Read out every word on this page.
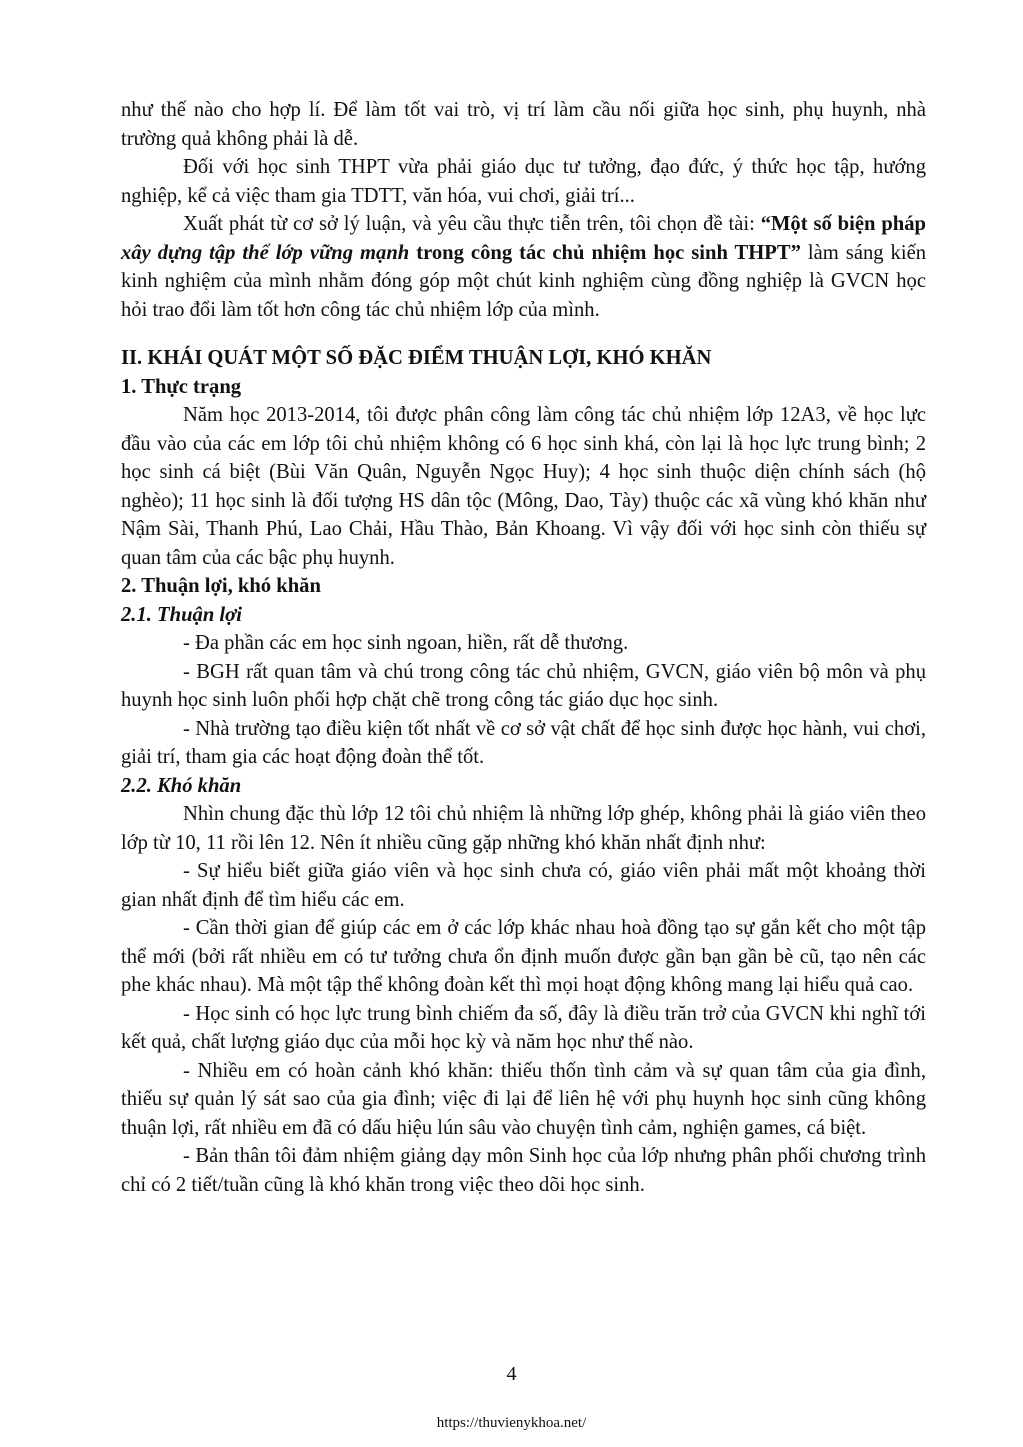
như thế nào cho hợp lí. Để làm tốt vai trò, vị trí làm cầu nối giữa học sinh, phụ huynh, nhà trường quả không phải là dễ.

Đối với học sinh THPT vừa phải giáo dục tư tưởng, đạo đức, ý thức học tập, hướng nghiệp, kể cả việc tham gia TDTT, văn hóa, vui chơi, giải trí...

Xuất phát từ cơ sở lý luận, và yêu cầu thực tiễn trên, tôi chọn đề tài: “Một số biện pháp xây dựng tập thể lớp vững mạnh trong công tác chủ nhiệm học sinh THPT” làm sáng kiến kinh nghiệm của mình nhằm đóng góp một chút kinh nghiệm cùng đồng nghiệp là GVCN học hỏi trao đổi làm tốt hơn công tác chủ nhiệm lớp của mình.

II. KHÁI QUÁT MỘT SỐ ĐẶC ĐIỂM THUẬN LỢI, KHÓ KHĂN

1. Thực trạng

Năm học 2013-2014, tôi được phân công làm công tác chủ nhiệm lớp 12A3, về học lực đầu vào của các em lớp tôi chủ nhiệm không có 6 học sinh khá, còn lại là học lực trung bình; 2 học sinh cá biệt (Bùi Văn Quân, Nguyễn Ngọc Huy); 4 học sinh thuộc diện chính sách (hộ nghèo); 11 học sinh là đối tượng HS dân tộc (Mông, Dao, Tày) thuộc các xã vùng khó khăn như Nậm Sài, Thanh Phú, Lao Chải, Hầu Thào, Bản Khoang. Vì vậy đối với học sinh còn thiếu sự quan tâm của các bậc phụ huynh.

2. Thuận lợi, khó khăn

2.1. Thuận lợi

- Đa phần các em học sinh ngoan, hiền, rất dễ thương.

- BGH rất quan tâm và chú trong công tác chủ nhiệm, GVCN, giáo viên bộ môn và phụ huynh học sinh luôn phối hợp chặt chẽ trong công tác giáo dục học sinh.

- Nhà trường tạo điều kiện tốt nhất về cơ sở vật chất để học sinh được học hành, vui chơi, giải trí, tham gia các hoạt động đoàn thể tốt.

2.2. Khó khăn

Nhìn chung đặc thù lớp 12 tôi chủ nhiệm là những lớp ghép, không phải là giáo viên theo lớp từ 10, 11 rồi lên 12. Nên ít nhiều cũng gặp những khó khăn nhất định như:

- Sự hiểu biết giữa giáo viên và học sinh chưa có, giáo viên phải mất một khoảng thời gian nhất định để tìm hiểu các em.

- Cần thời gian để giúp các em ở các lớp khác nhau hoà đồng tạo sự gắn kết cho một tập thể mới (bởi rất nhiều em có tư tưởng chưa ổn định muốn được gần bạn gần bè cũ, tạo nên các phe khác nhau). Mà một tập thể không đoàn kết thì mọi hoạt động không mang lại hiểu quả cao.

- Học sinh có học lực trung bình chiếm đa số, đây là điều trăn trở của GVCN khi nghĩ tới kết quả, chất lượng giáo dục của mỗi học kỳ và năm học như thế nào.

- Nhiều em có hoàn cảnh khó khăn: thiếu thốn tình cảm và sự quan tâm của gia đình, thiếu sự quản lý sát sao của gia đình; việc đi lại để liên hệ với phụ huynh học sinh cũng không thuận lợi, rất nhiều em đã có dấu hiệu lún sâu vào chuyện tình cảm, nghiện games, cá biệt.

- Bản thân tôi đảm nhiệm giảng dạy môn Sinh học của lớp nhưng phân phối chương trình chỉ có 2 tiết/tuần cũng là khó khăn trong việc theo dõi học sinh.

4
https://thuvienykhoa.net/
